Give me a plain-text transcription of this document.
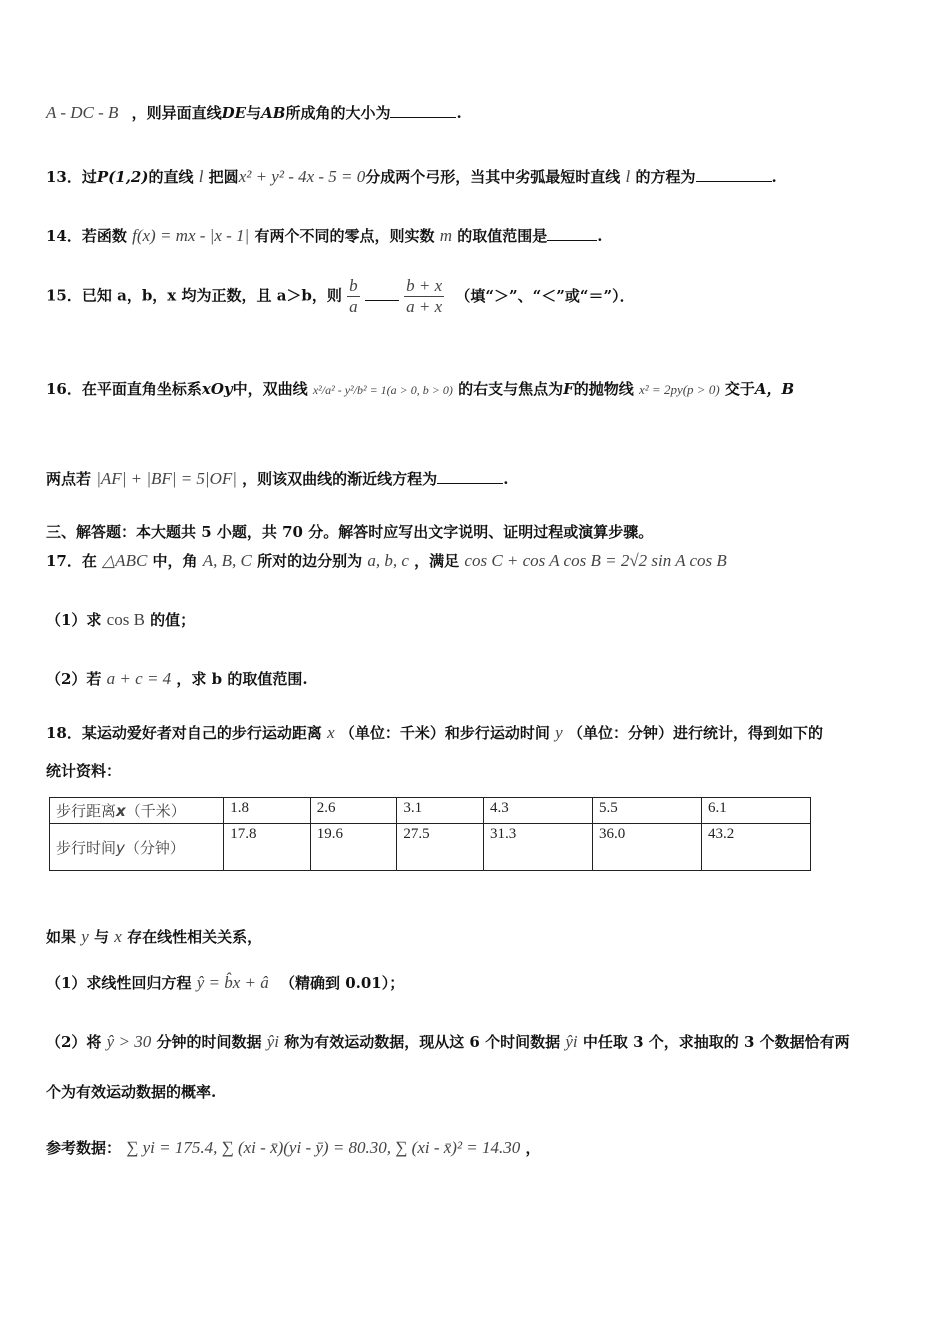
A - DC - B ，则异面直线DE与AB所成角的大小为	.
13．过P(1,2)的直线 l 把圆x² + y² - 4x - 5 = 0分成两个弓形，当其中劣弧最短时直线 l 的方程为	.
14．若函数 f(x) = mx - |x - 1| 有两个不同的零点，则实数 m 的取值范围是	.
15．已知 a，b，x 均为正数，且 a＞b，则 $\frac{b}{a}$
	$\frac{b + x}{a + x}$ （填“＞”、“＜”或“＝”）．
16．在平面直角坐标系xOy中，双曲线 x²/a² - y²/b² = 1(a > 0, b > 0) 的右支与焦点为F的抛物线 x² = 2py(p > 0) 交于A，B
两点若 |AF| + |BF| = 5|OF| ，则该双曲线的渐近线方程为	.
三、解答题：本大题共 5 小题，共 70 分。解答时应写出文字说明、证明过程或演算步骤。
17．在 △ABC 中，角 A, B, C 所对的边分别为 a, b, c ，满足 cos C + cos A cos B = 2√2 sin A cos B
（1）求 cos B 的值；
（2）若 a + c = 4 ，求 b 的取值范围.
18．某运动爱好者对自己的步行运动距离 x （单位：千米）和步行运动时间 y （单位：分钟）进行统计，得到如下的
统计资料：
步行距离x（千米）	1.8	2.6	3.1	4.3	5.5	6.1
步行时间y（分钟）	17.8	19.6	27.5	31.3	36.0	43.2
如果 y 与 x 存在线性相关关系，
（1）求线性回归方程 ŷ = b̂x + â （精确到 0.01）；
（2）将 ŷ > 30 分钟的时间数据 ŷi 称为有效运动数据，现从这 6 个时间数据 ŷi 中任取 3 个，求抽取的 3 个数据恰有两
个为有效运动数据的概率.
参考数据： ∑ yi = 175.4, ∑ (xi - x̄)(yi - ȳ) = 80.30, ∑ (xi - x̄)² = 14.30 ，
